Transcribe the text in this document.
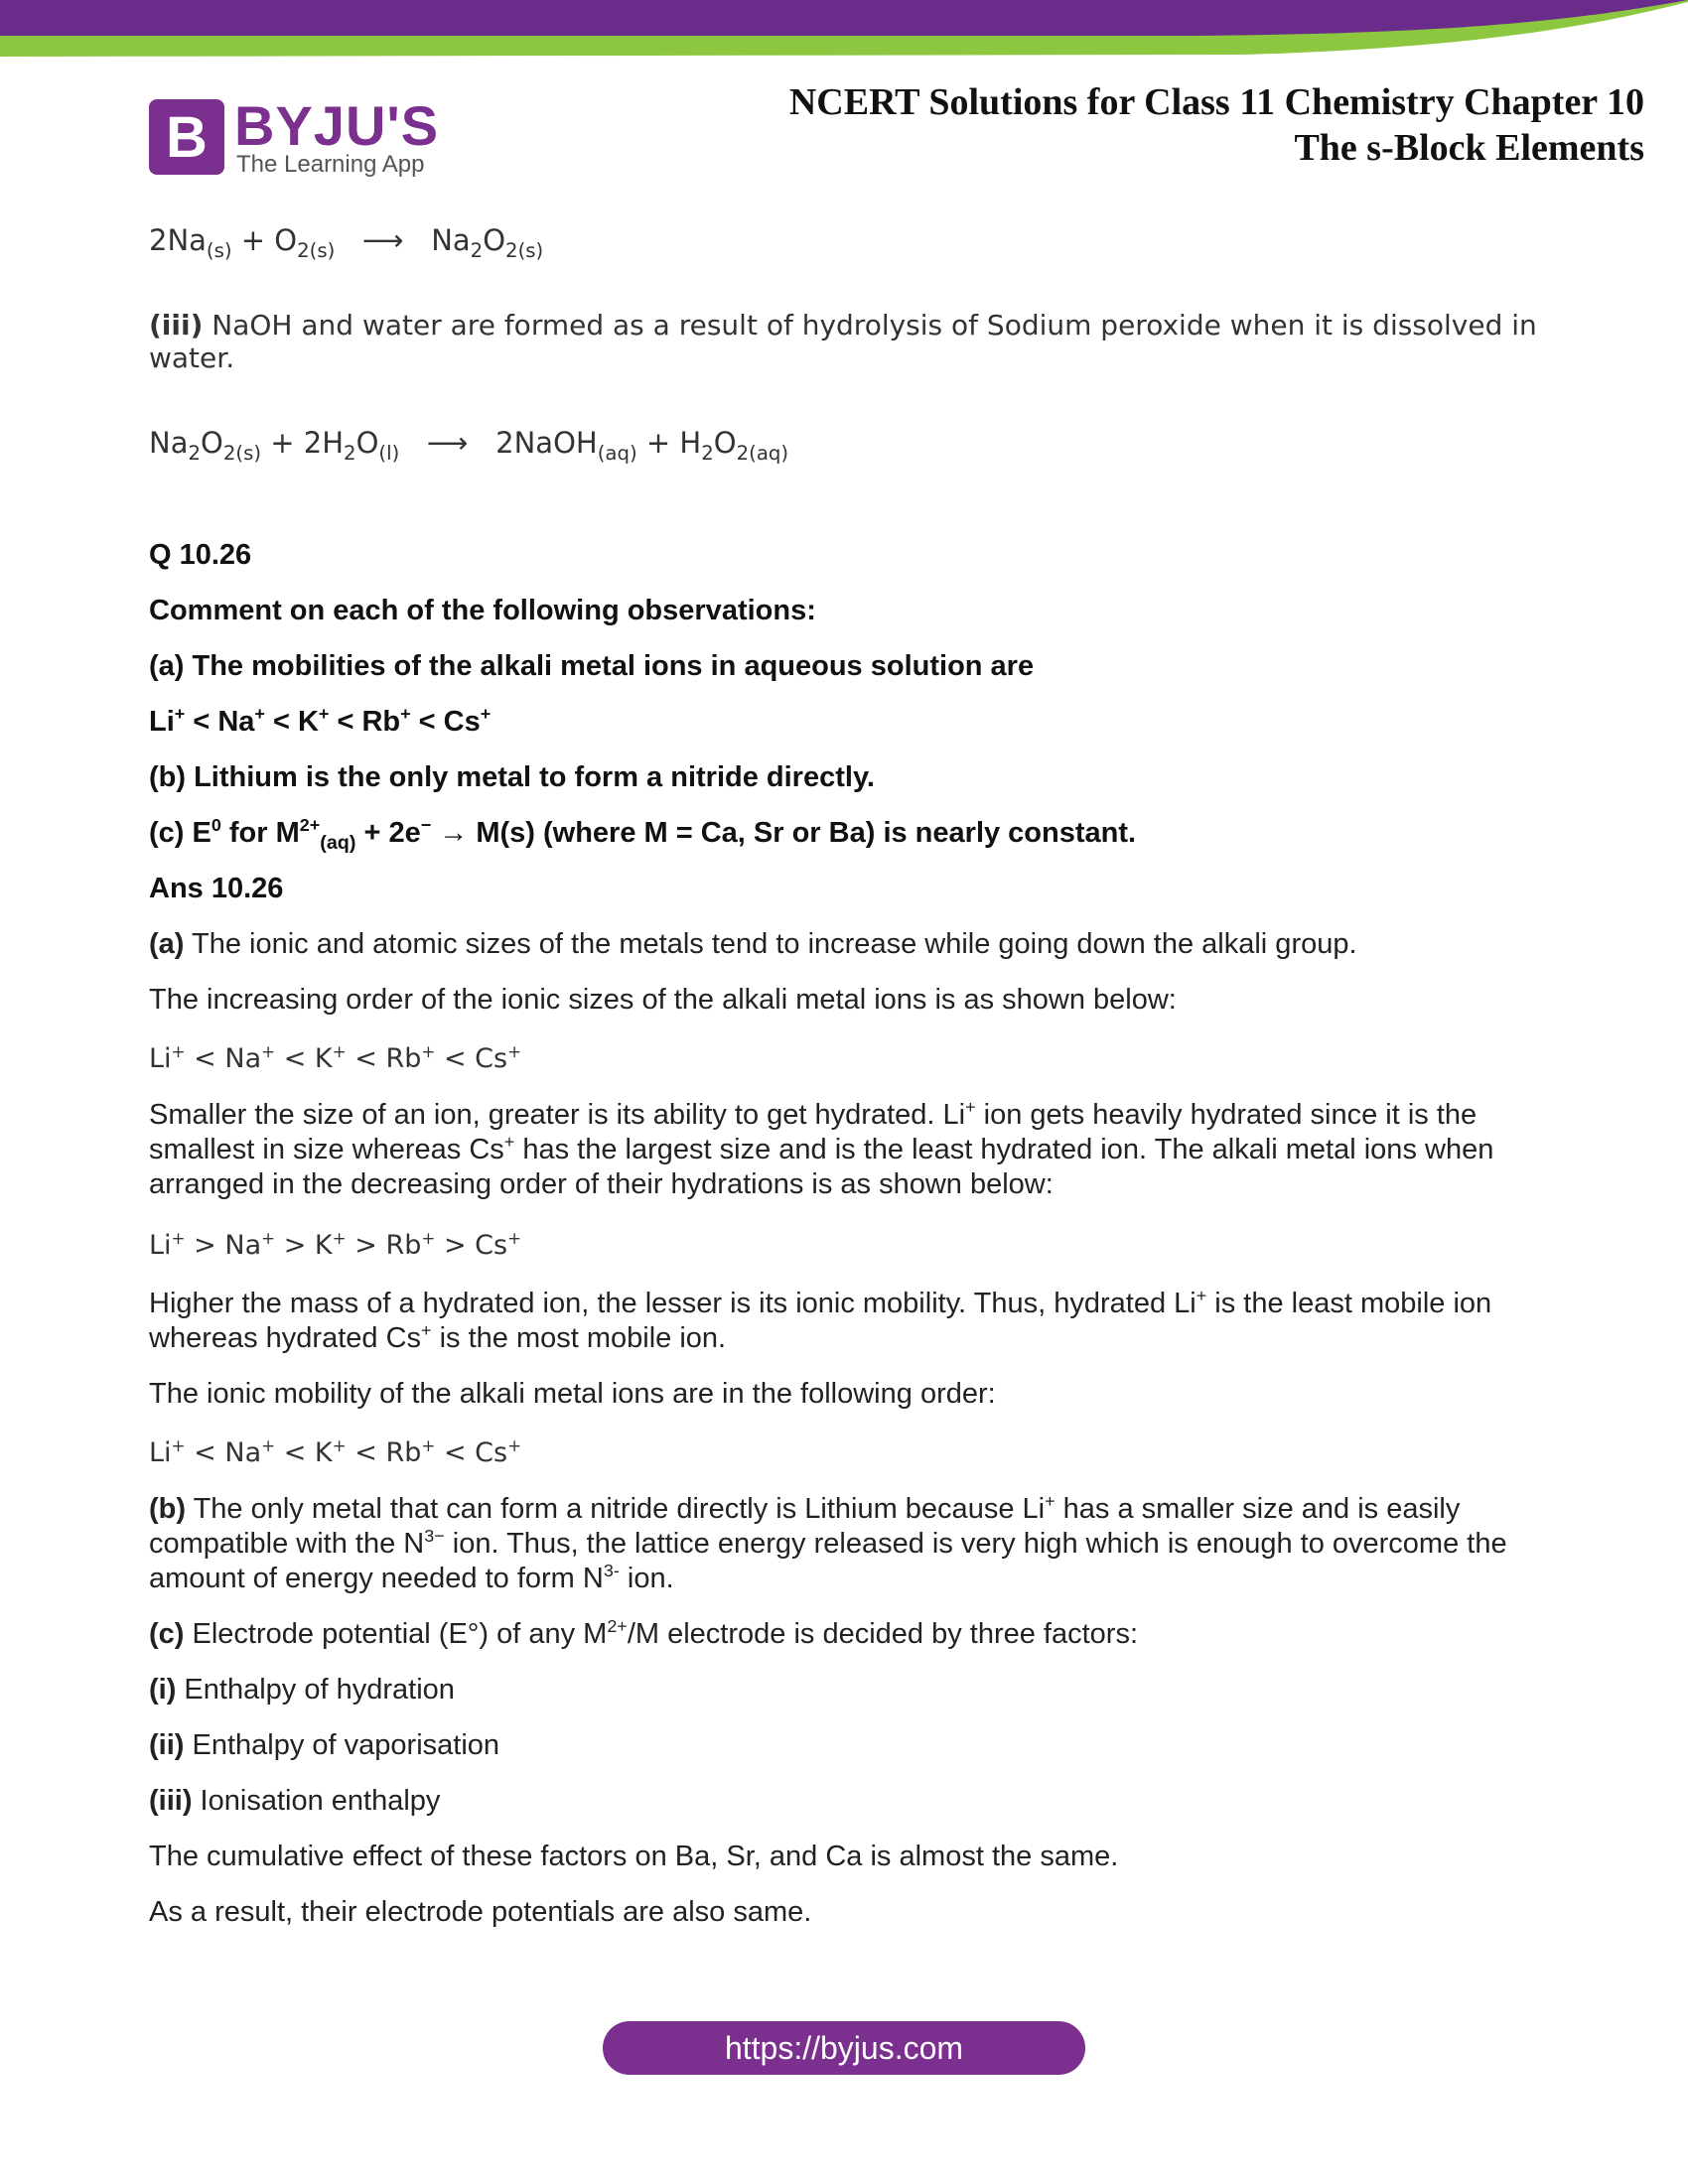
B BYJU'S
The Learning App
NCERT Solutions for Class 11 Chemistry Chapter 10
The s-Block Elements

$2Na_{(s)} + O_{2(s)}$ ⟶ $Na_2O_{2(s)}$

(iii) NaOH and water are formed as a result of hydrolysis of Sodium peroxide when it is dissolved in water.

$Na_2O_{2(s)} + 2H_2O_{(l)}$ ⟶ 2NaOH$_{(aq)}$ + $H_2O_{2(aq)}$

Q 10.26

Comment on each of the following observations:

(a) The mobilities of the alkali metal ions in aqueous solution are

Li+ < Na+ < K+ < Rb+ < Cs+

(b) Lithium is the only metal to form a nitride directly.

(c) $E^0$ for $M^{2+}_{(aq)} + 2e^- \to M(s)$ (where M = Ca, Sr or Ba) is nearly constant.

Ans 10.26

(a) The ionic and atomic sizes of the metals tend to increase while going down the alkali group.

The increasing order of the ionic sizes of the alkali metal ions is as shown below:

Li+ < Na+ < K+ < Rb+ < Cs+

Smaller the size of an ion, greater is its ability to get hydrated. Li+ ion gets heavily hydrated since it is the smallest in size whereas Cs+ has the largest size and is the least hydrated ion. The alkali metal ions when arranged in the decreasing order of their hydrations is as shown below:

Li+ > Na+ > K+ > Rb+ > Cs+

Higher the mass of a hydrated ion, the lesser is its ionic mobility. Thus, hydrated Li+ is the least mobile ion whereas hydrated Cs+ is the most mobile ion.

The ionic mobility of the alkali metal ions are in the following order:

Li+ < Na+ < K+ < Rb+ < Cs+

(b) The only metal that can form a nitride directly is Lithium because Li+ has a smaller size and is easily compatible with the $N^{3-}$ ion. Thus, the lattice energy released is very high which is enough to overcome the amount of energy needed to form $N^{3-}$ ion.

(c) Electrode potential (E°) of any $M^{2+}/M$ electrode is decided by three factors:

(i) Enthalpy of hydration

(ii) Enthalpy of vaporisation

(iii) Ionisation enthalpy

The cumulative effect of these factors on Ba, Sr, and Ca is almost the same.

As a result, their electrode potentials are also same.

https://byjus.com
